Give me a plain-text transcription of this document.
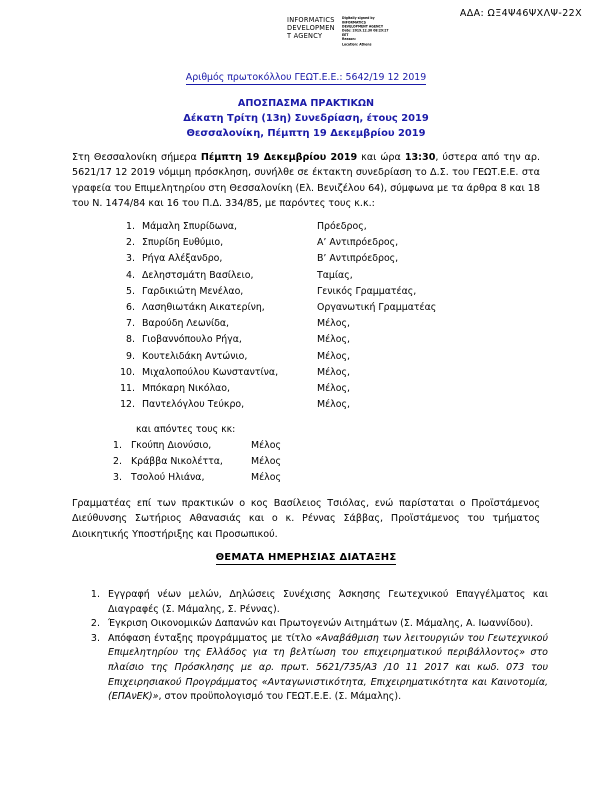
ΑΔΑ: ΩΞ4Ψ46ΨΧΛΨ-22Χ
INFORMATICS
DEVELOPMEN
T AGENCY
Digitally signed by
INFORMATICS
DEVELOPMENT AGENCY
Date: 2019.12.30 08:29:27
EET
Reason:
Location: Athens
Αριθμός πρωτοκόλλου ΓΕΩΤ.Ε.Ε.: 5642/19 12 2019
ΑΠΟΣΠΑΣΜΑ ΠΡΑΚΤΙΚΩΝ
Δέκατη Τρίτη (13η) Συνεδρίαση, έτους 2019
Θεσσαλονίκη, Πέμπτη 19 Δεκεμβρίου 2019
Στη Θεσσαλονίκη σήμερα Πέμπτη 19 Δεκεμβρίου 2019 και ώρα 13:30, ύστερα από την αρ. 5621/17 12 2019 νόμιμη πρόσκληση, συνήλθε σε έκτακτη συνεδρίαση το Δ.Σ. του ΓΕΩΤ.Ε.Ε. στα γραφεία του Επιμελητηρίου στη Θεσσαλονίκη (Ελ. Βενιζέλου 64), σύμφωνα με τα άρθρα 8 και 18 του Ν. 1474/84 και 16 του Π.Δ. 334/85, με παρόντες τους κ.κ.:
1. Μάμαλη Σπυρίδωνα,	Πρόεδρος,
2. Σπυρίδη Ευθύμιο,	Α’ Αντιπρόεδρος,
3. Ρήγα Αλέξανδρο,	Β’ Αντιπρόεδρος,
4. Δεληστσμάτη Βασίλειο,	Ταμίας,
5. Γαρδικιώτη Μενέλαο,	Γενικός Γραμματέας,
6. Λασηθιωτάκη Αικατερίνη,	Οργανωτική Γραμματέας
7. Βαρούδη Λεωνίδα,	Μέλος,
8. Γιοβαννόπουλο Ρήγα,	Μέλος,
9. Κουτελιδάκη Αντώνιο,	Μέλος,
10. Μιχαλοπούλου Κωνσταντίνα,	Μέλος,
11. Μπόκαρη Νικόλαο,	Μέλος,
12. Παντελόγλου Τεύκρο,	Μέλος,
και απόντες τους κκ:
1. Γκούπη Διονύσιο,	Μέλος
2. Κράββα Νικολέττα,	Μέλος
3. Τσολού Ηλιάνα,	Μέλος
Γραμματέας επί των πρακτικών ο κος Βασίλειος Τσιόλας, ενώ παρίσταται ο Προϊστάμενος Διεύθυνσης Σωτήριος Αθανασιάς και ο κ. Ρέννας Σάββας, Προϊστάμενος του τμήματος Διοικητικής Υποστήριξης και Προσωπικού.
ΘΕΜΑΤΑ ΗΜΕΡΗΣΙΑΣ ΔΙΑΤΑΞΗΣ
1. Εγγραφή νέων μελών, Δηλώσεις Συνέχισης Άσκησης Γεωτεχνικού Επαγγέλματος και Διαγραφές (Σ. Μάμαλης, Σ. Ρέννας).
2. Έγκριση Οικονομικών Δαπανών και Πρωτογενών Αιτημάτων (Σ. Μάμαλης, Α. Ιωαννίδου).
3. Απόφαση ένταξης προγράμματος με τίτλο «Αναβάθμιση των λειτουργιών του Γεωτεχνικού Επιμελητηρίου της Ελλάδος για τη βελτίωση του επιχειρηματικού περιβάλλοντος» στο πλαίσιο της Πρόσκλησης με αρ. πρωτ. 5621/735/Α3 /10 11 2017 και κωδ. 073 του Επιχειρησιακού Προγράμματος «Ανταγωνιστικότητα, Επιχειρηματικότητα και Καινοτομία, (ΕΠΑνΕΚ)», στον προϋπολογισμό του ΓΕΩΤ.Ε.Ε. (Σ. Μάμαλης).
